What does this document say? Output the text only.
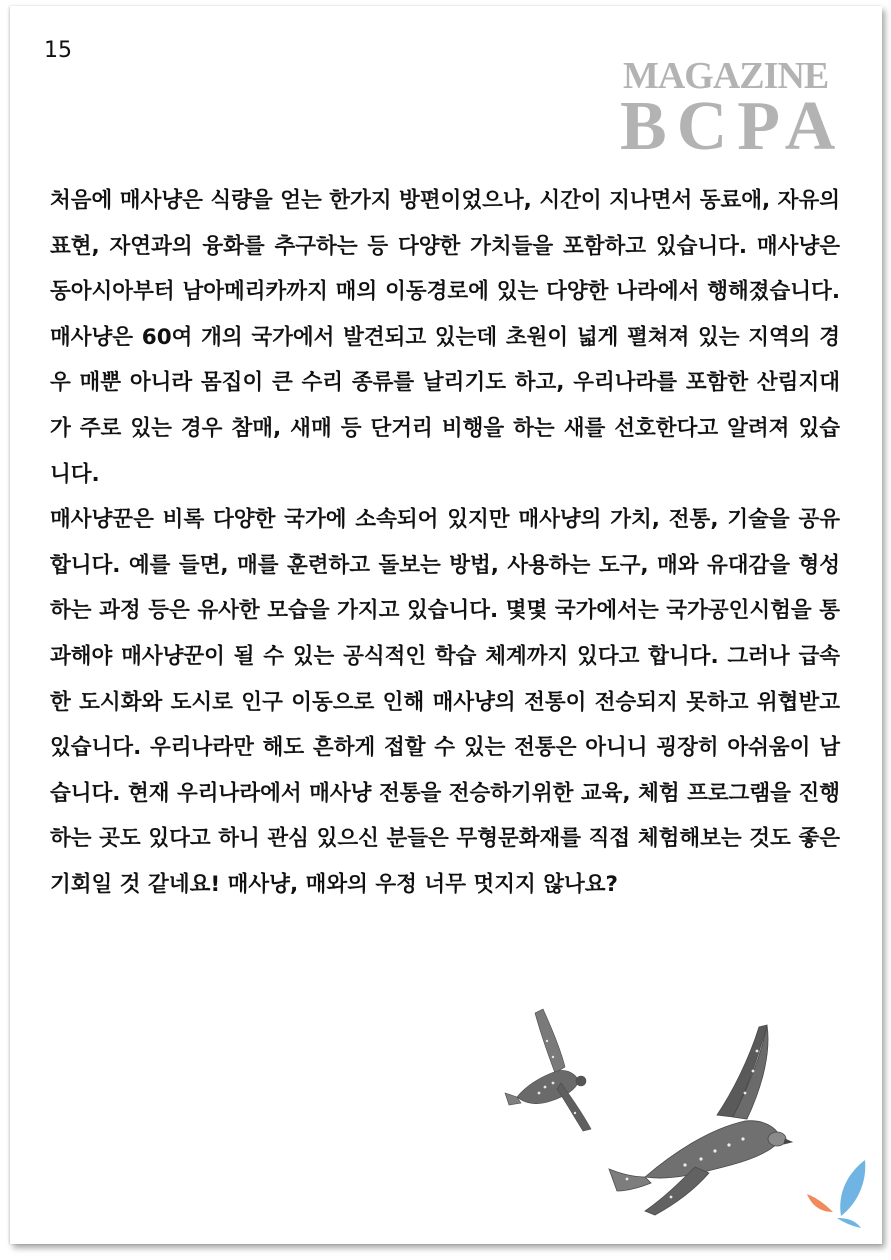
15

MAGAZINE
BCPA

처음에 매사냥은 식량을 얻는 한가지 방편이었으나, 시간이 지나면서 동료애, 자유의 표현, 자연과의 융화를 추구하는 등 다양한 가치들을 포함하고 있습니다. 매사냥은 동아시아부터 남아메리카까지 매의 이동경로에 있는 다양한 나라에서 행해졌습니다. 매사냥은 60여 개의 국가에서 발견되고 있는데 초원이 넓게 펼쳐져 있는 지역의 경우 매뿐 아니라 몸집이 큰 수리 종류를 날리기도 하고, 우리나라를 포함한 산림지대가 주로 있는 경우 참매, 새매 등 단거리 비행을 하는 새를 선호한다고 알려져 있습니다.

매사냥꾼은 비록 다양한 국가에 소속되어 있지만 매사냥의 가치, 전통, 기술을 공유합니다. 예를 들면, 매를 훈련하고 돌보는 방법, 사용하는 도구, 매와 유대감을 형성하는 과정 등은 유사한 모습을 가지고 있습니다. 몇몇 국가에서는 국가공인시험을 통과해야 매사냥꾼이 될 수 있는 공식적인 학습 체계까지 있다고 합니다. 그러나 급속한 도시화와 도시로 인구 이동으로 인해 매사냥의 전통이 전승되지 못하고 위협받고 있습니다. 우리나라만 해도 흔하게 접할 수 있는 전통은 아니니 굉장히 아쉬움이 남습니다. 현재 우리나라에서 매사냥 전통을 전승하기위한 교육, 체험 프로그램을 진행하는 곳도 있다고 하니 관심 있으신 분들은 무형문화재를 직접 체험해보는 것도 좋은 기회일 것 같네요! 매사냥, 매와의 우정 너무 멋지지 않나요?
